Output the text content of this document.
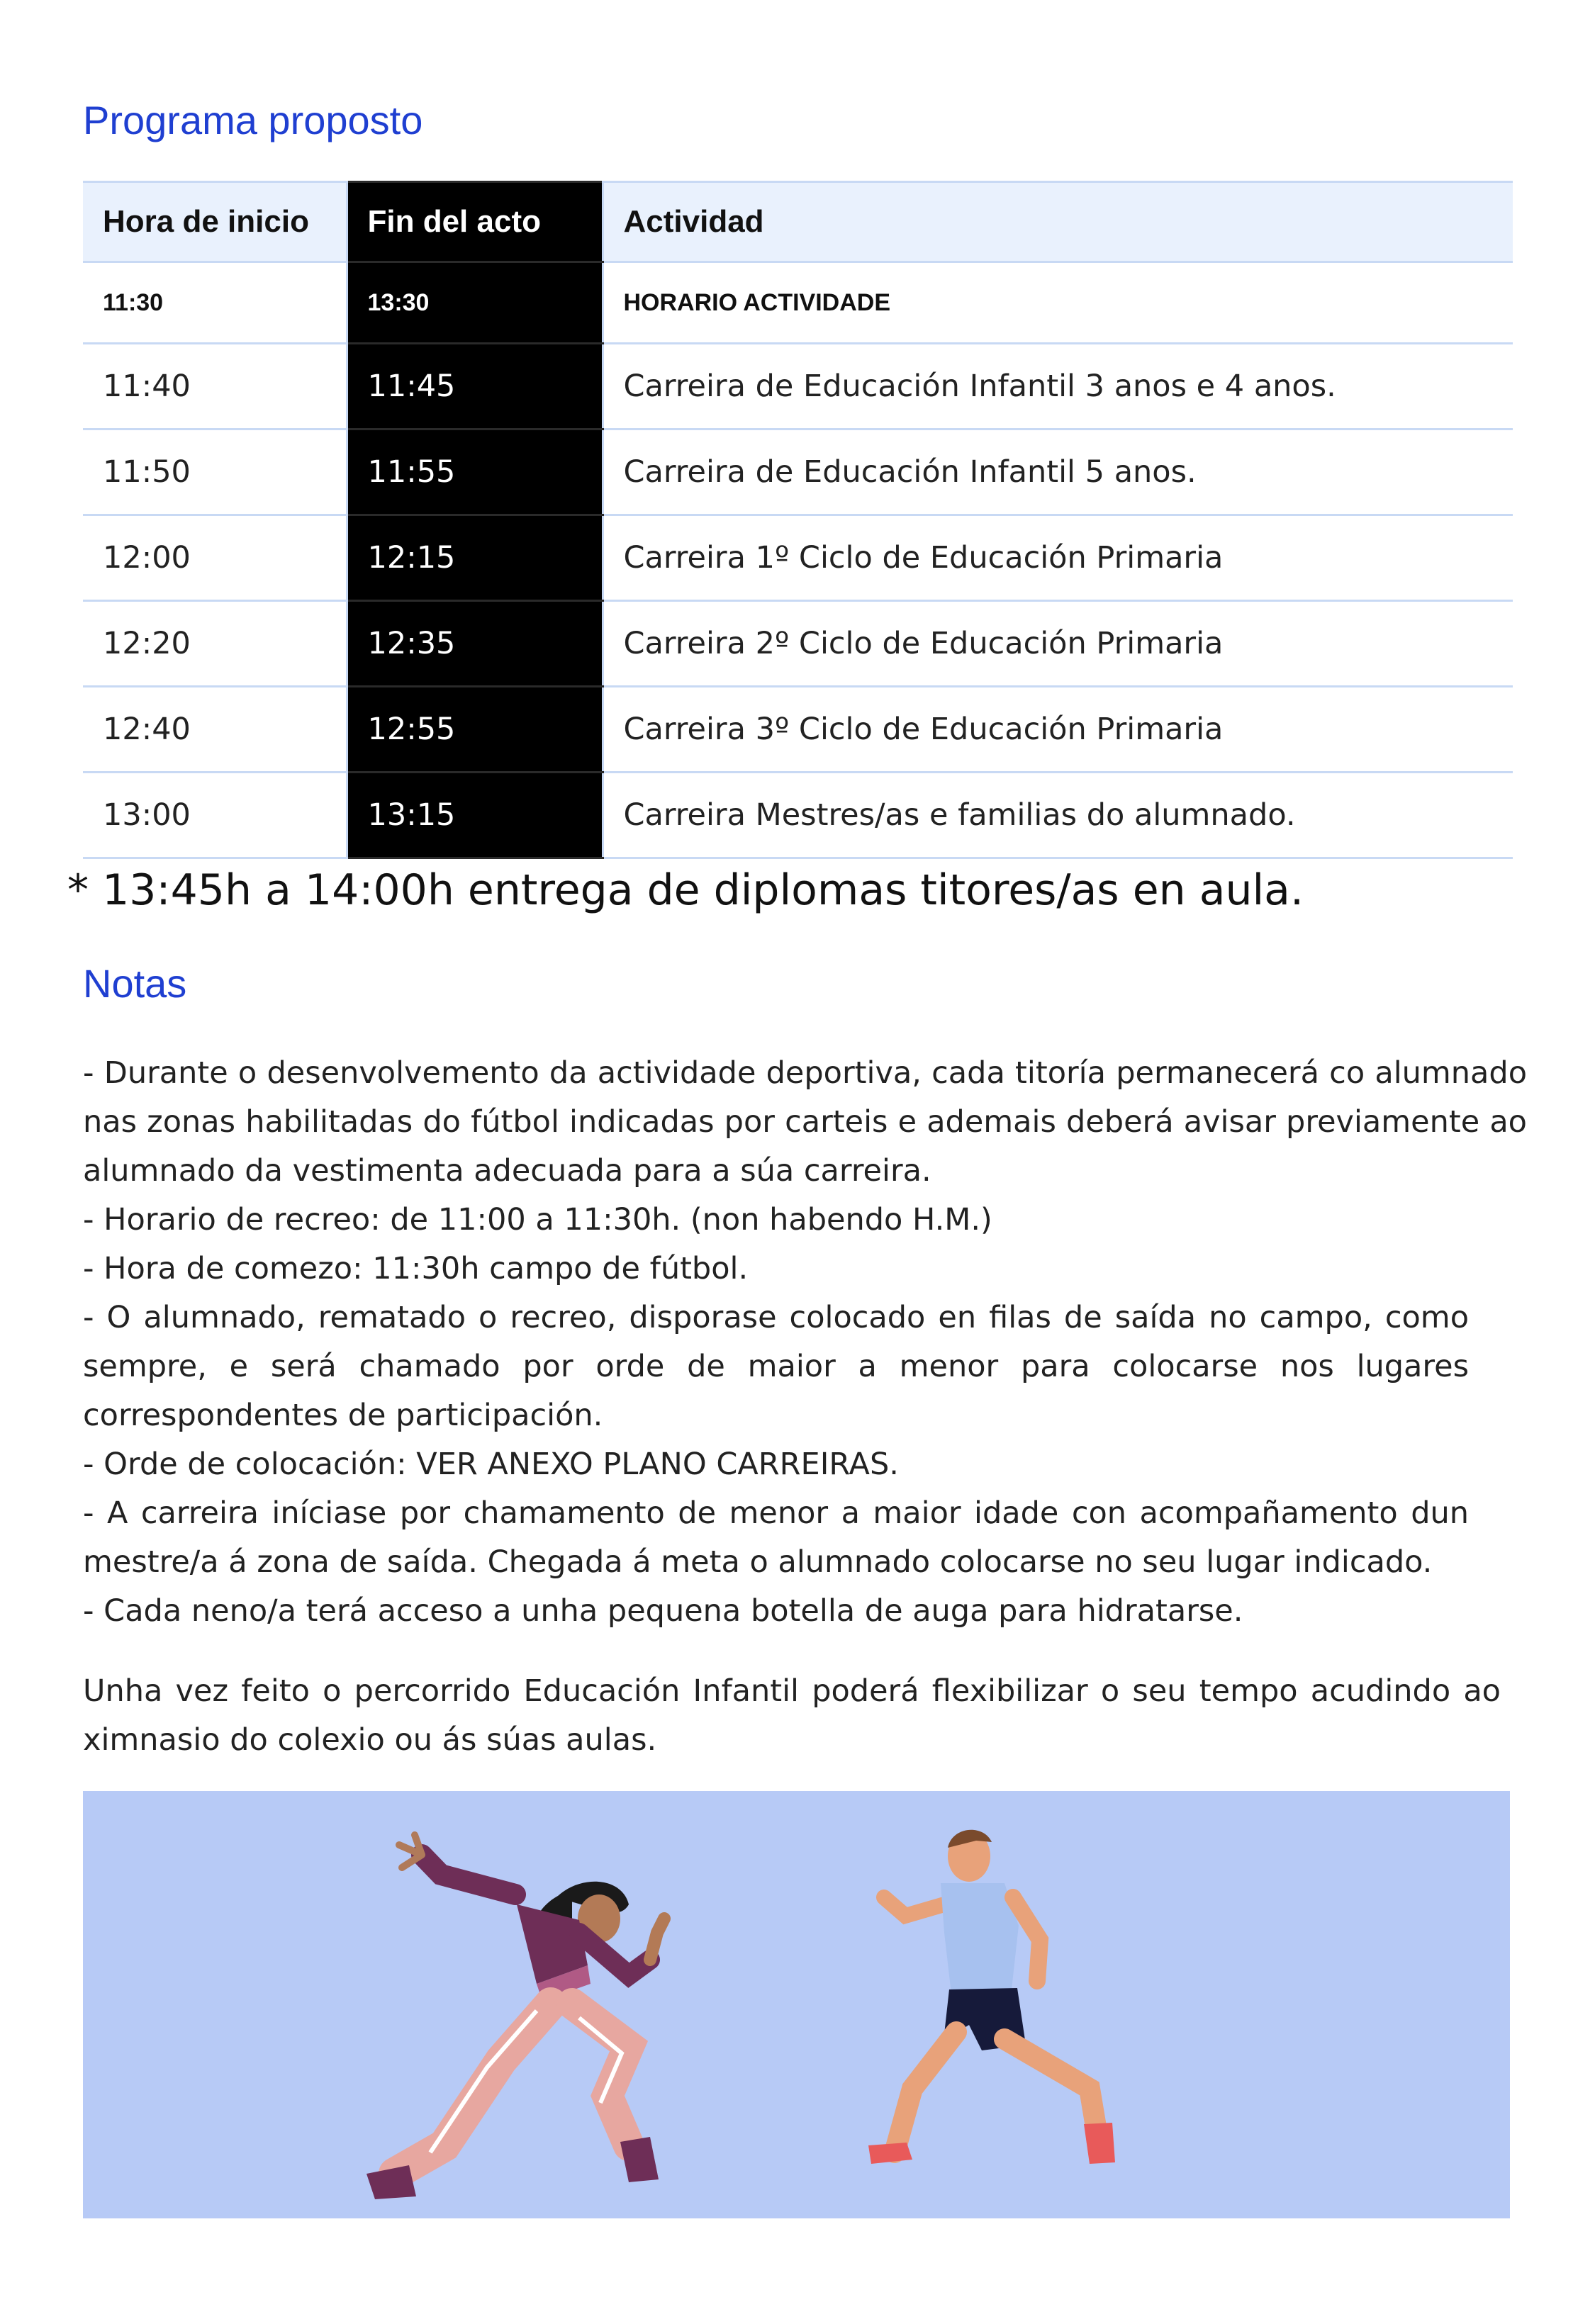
Programa proposto
Hora de inicio	Fin del acto	Actividad
11:30	13:30	HORARIO ACTIVIDADE
11:40	11:45	Carreira de Educación Infantil 3 anos e 4 anos.
11:50	11:55	Carreira de Educación Infantil 5 anos.
12:00	12:15	Carreira 1º Ciclo de Educación Primaria
12:20	12:35	Carreira 2º Ciclo de Educación Primaria
12:40	12:55	Carreira 3º Ciclo de Educación Primaria
13:00	13:15	Carreira Mestres/as e familias do alumnado.

* 13:45h a 14:00h entrega de diplomas titores/as en aula.

Notas

- Durante o desenvolvemento da actividade deportiva, cada titoría permanecerá co alumnado nas zonas habilitadas do fútbol indicadas por carteis e ademais deberá avisar previamente ao alumnado da vestimenta adecuada para a súa carreira.

- Horario de recreo: de 11:00 a 11:30h. (non habendo H.M.)

- Hora de comezo: 11:30h campo de fútbol.

- O alumnado, rematado o recreo, disporase colocado en filas de saída no campo, como sempre, e será chamado por orde de maior a menor para colocarse nos lugares correspondentes de participación.

- Orde de colocación: VER ANEXO PLANO CARREIRAS.

- A carreira iníciase por chamamento de menor a maior idade con acompañamento dun mestre/a á zona de saída. Chegada á meta o alumnado colocarse no seu lugar indicado.

- Cada neno/a terá acceso a unha pequena botella de auga para hidratarse.

Unha vez feito o percorrido Educación Infantil poderá flexibilizar o seu tempo acudindo ao ximnasio do colexio ou ás súas aulas.
